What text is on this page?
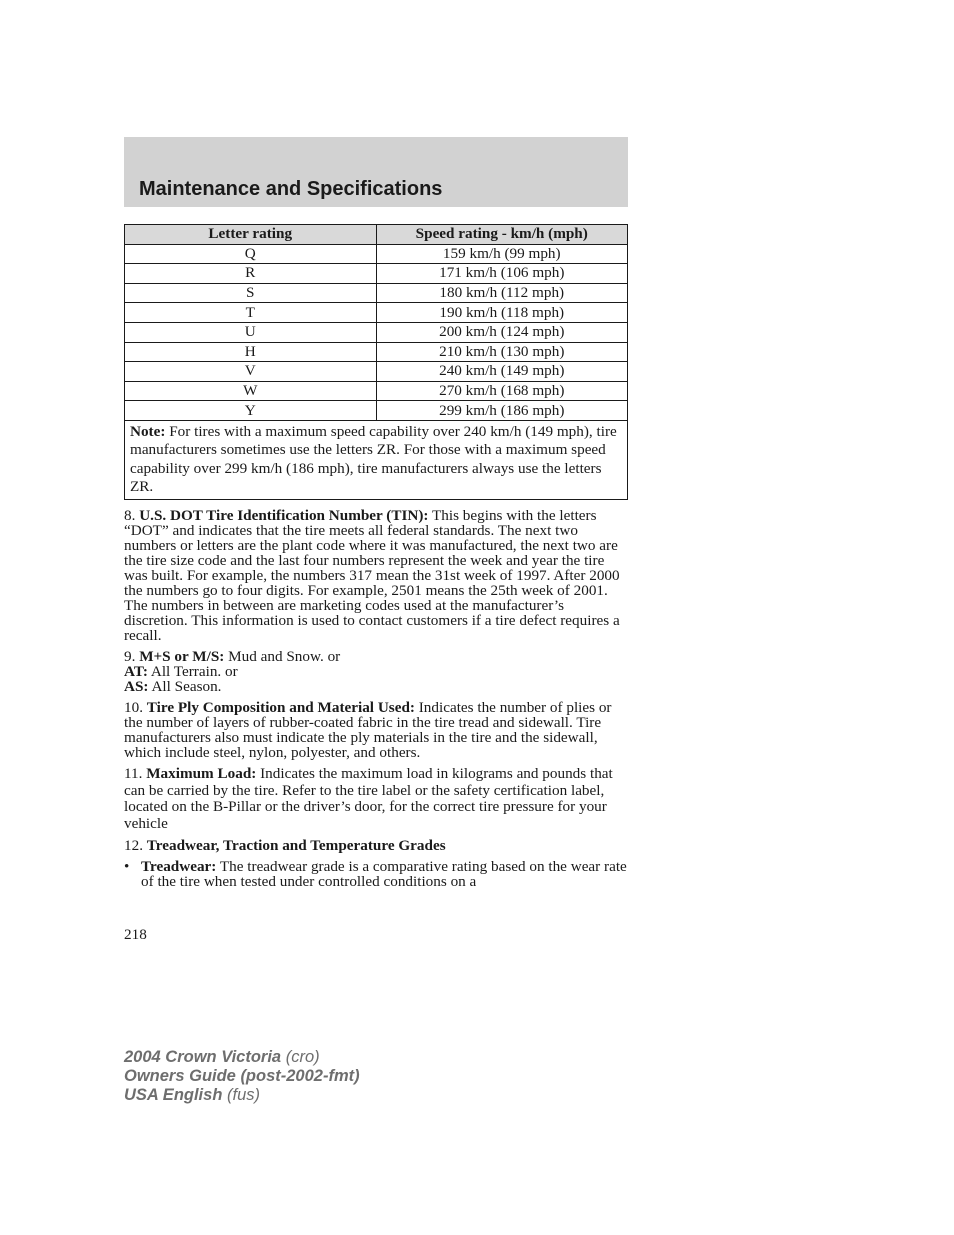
Maintenance and Specifications
Letter rating	Speed rating - km/h (mph)
Q	159 km/h (99 mph)
R	171 km/h (106 mph)
S	180 km/h (112 mph)
T	190 km/h (118 mph)
U	200 km/h (124 mph)
H	210 km/h (130 mph)
V	240 km/h (149 mph)
W	270 km/h (168 mph)
Y	299 km/h (186 mph)
Note: For tires with a maximum speed capability over 240 km/h (149 mph), tire manufacturers sometimes use the letters ZR. For those with a maximum speed capability over 299 km/h (186 mph), tire manufacturers always use the letters ZR.	

8. U.S. DOT Tire Identification Number (TIN): This begins with the letters “DOT” and indicates that the tire meets all federal standards. The next two numbers or letters are the plant code where it was manufactured, the next two are the tire size code and the last four numbers represent the week and year the tire was built. For example, the numbers 317 mean the 31st week of 1997. After 2000 the numbers go to four digits. For example, 2501 means the 25th week of 2001. The numbers in between are marketing codes used at the manufacturer’s discretion. This information is used to contact customers if a tire defect requires a recall.

9. M+S or M/S: Mud and Snow. or
AT: All Terrain. or
AS: All Season.

10. Tire Ply Composition and Material Used: Indicates the number of plies or the number of layers of rubber-coated fabric in the tire tread and sidewall. Tire manufacturers also must indicate the ply materials in the tire and the sidewall, which include steel, nylon, polyester, and others.

11. Maximum Load: Indicates the maximum load in kilograms and pounds that can be carried by the tire. Refer to the tire label or the safety certification label, located on the B-Pillar or the driver’s door, for the correct tire pressure for your vehicle

12. Treadwear, Traction and Temperature Grades

• Treadwear: The treadwear grade is a comparative rating based on the wear rate of the tire when tested under controlled conditions on a
218
2004 Crown Victoria (cro)
Owners Guide (post-2002-fmt)
USA English (fus)
